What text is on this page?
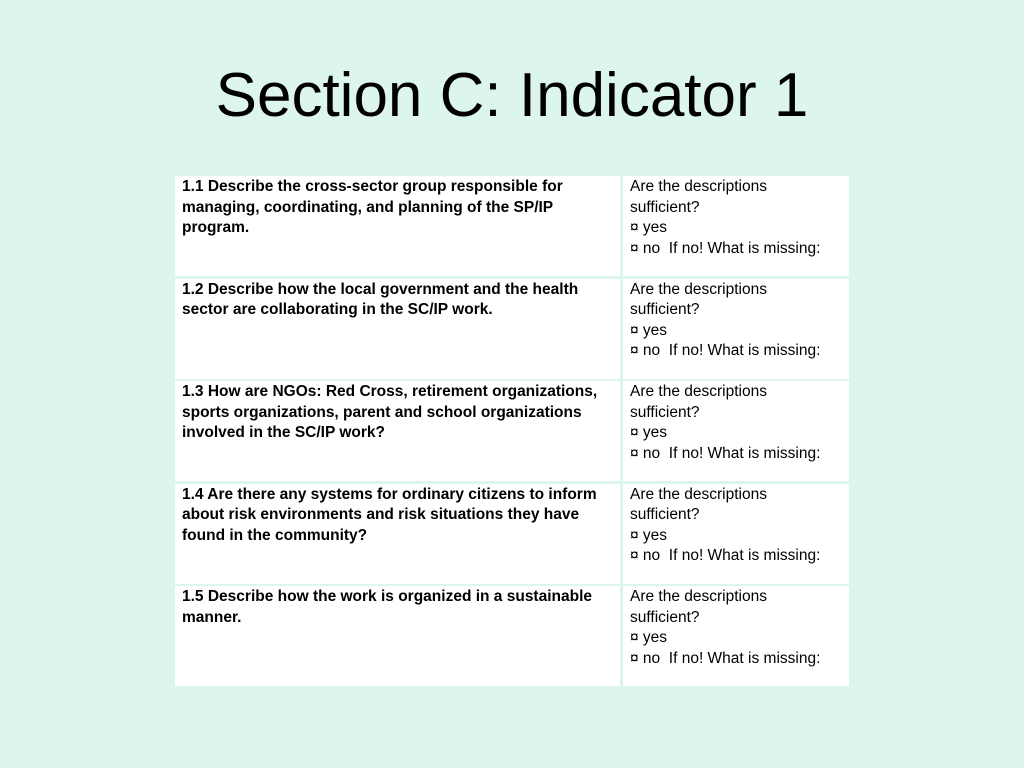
Section C: Indicator 1
1.1 Describe the cross-sector group responsible for managing, coordinating, and planning of the SP/IP program.
Are the descriptions
sufficient?
¤ yes
¤ no  If no! What is missing:
1.2 Describe how the local government and the health sector are collaborating in the SC/IP work.
Are the descriptions
sufficient?
¤ yes
¤ no  If no! What is missing:
1.3 How are NGOs: Red Cross, retirement organizations, sports organizations, parent and school organizations involved in the SC/IP work?
Are the descriptions
sufficient?
¤ yes
¤ no  If no! What is missing:
1.4 Are there any systems for ordinary citizens to inform about risk environments and risk situations they have found in the community?
Are the descriptions
sufficient?
¤ yes
¤ no  If no! What is missing:
1.5 Describe how the work is organized in a sustainable manner.
Are the descriptions
sufficient?
¤ yes
¤ no  If no! What is missing:
